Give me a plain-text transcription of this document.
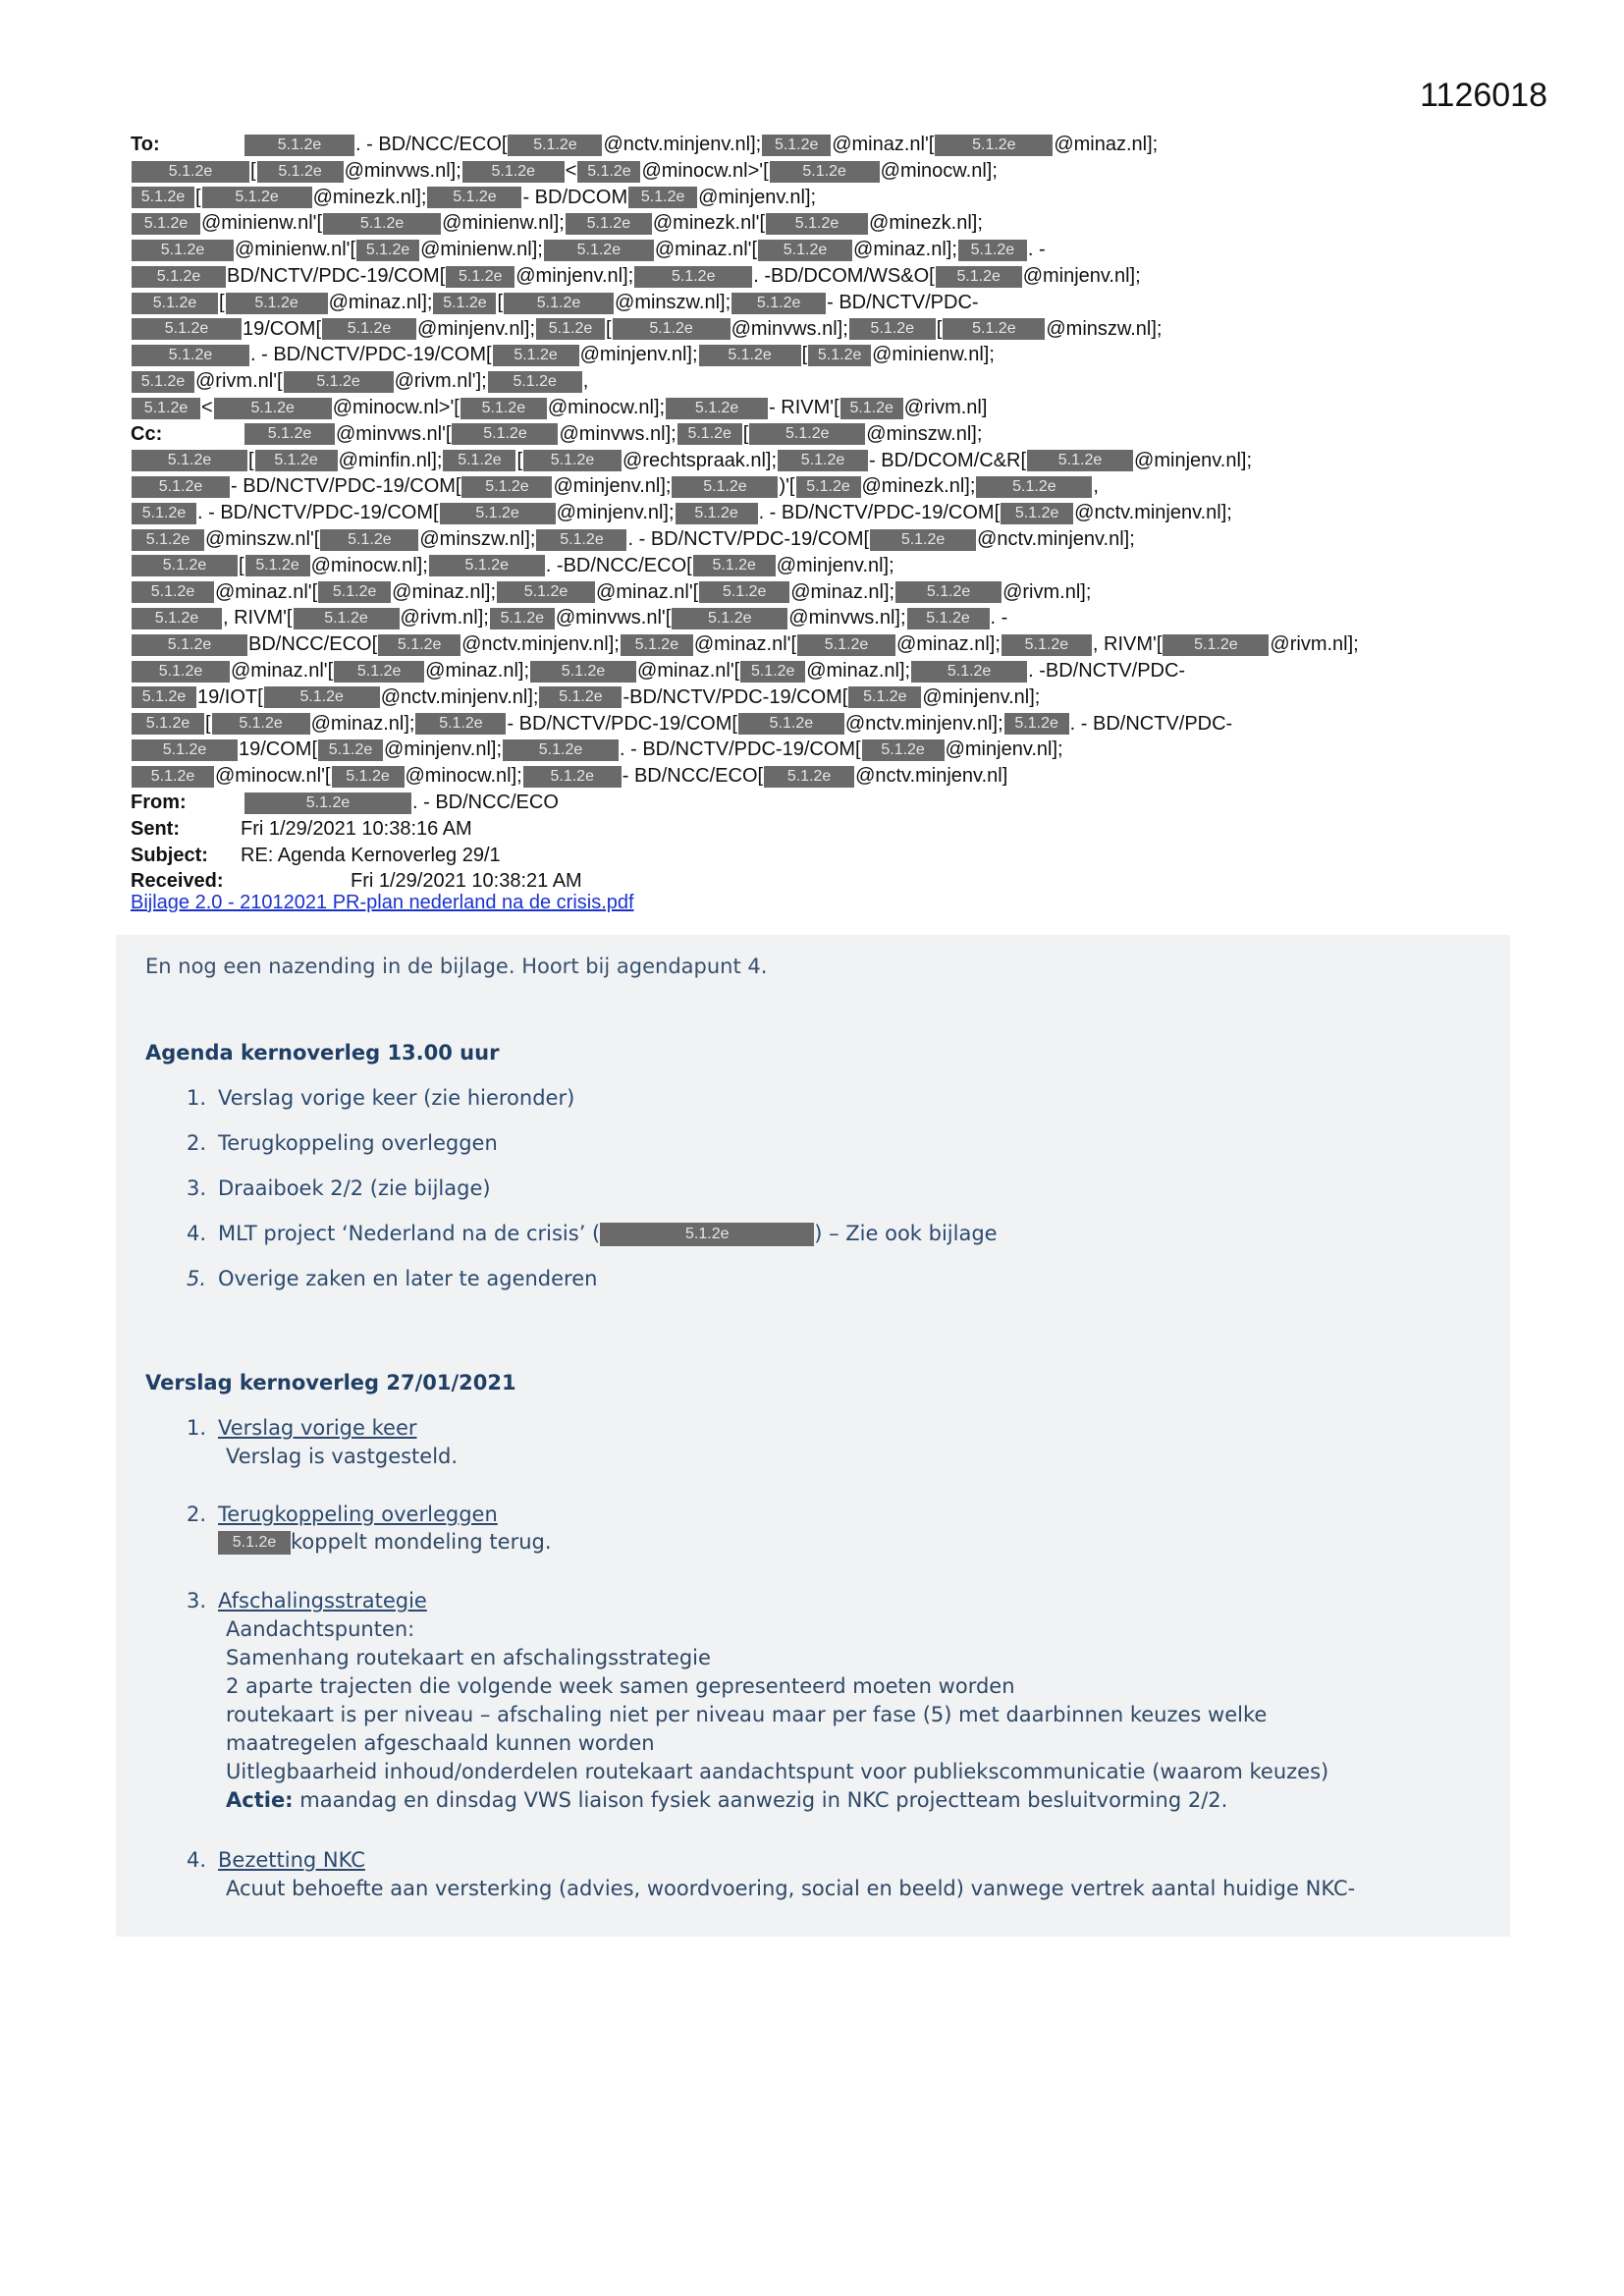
1126018
To:	5.1.2e . - BD/NCC/ECO[ 5.1.2e @nctv.minjenv.nl]; 5.1.2e @minaz.nl'[ 5.1.2e @minaz.nl];
5.1.2e [ 5.1.2e @minvws.nl]; 5.1.2e < 5.1.2e @minocw.nl>'[ 5.1.2e @minocw.nl];
5.1.2e [ 5.1.2e @minezk.nl]; 5.1.2e - BD/DCOM 5.1.2e @minjenv.nl];
5.1.2e @minienw.nl'[ 5.1.2e @minienw.nl]; 5.1.2e @minezk.nl'[ 5.1.2e @minezk.nl];
5.1.2e @minienw.nl'[ 5.1.2e @minienw.nl]; 5.1.2e @minaz.nl'[ 5.1.2e @minaz.nl]; 5.1.2e . -
5.1.2e BD/NCTV/PDC-19/COM[ 5.1.2e @minjenv.nl]; 5.1.2e . -BD/DCOM/WS&O[ 5.1.2e @minjenv.nl];
5.1.2e [ 5.1.2e @minaz.nl]; 5.1.2e [ 5.1.2e @minszw.nl]; 5.1.2e - BD/NCTV/PDC-
5.1.2e 19/COM[ 5.1.2e @minjenv.nl]; 5.1.2e [ 5.1.2e @minvws.nl]; 5.1.2e [ 5.1.2e @minszw.nl];
5.1.2e . - BD/NCTV/PDC-19/COM[ 5.1.2e @minjenv.nl]; 5.1.2e [ 5.1.2e @minienw.nl];
5.1.2e @rivm.nl'[ 5.1.2e @rivm.nl']; 5.1.2e ,
5.1.2e < 5.1.2e @minocw.nl>'[ 5.1.2e @minocw.nl]; 5.1.2e - RIVM'[ 5.1.2e @rivm.nl]
Cc:	5.1.2e @minvws.nl'[ 5.1.2e @minvws.nl]; 5.1.2e [ 5.1.2e @minszw.nl];
5.1.2e [ 5.1.2e @minfin.nl]; 5.1.2e [ 5.1.2e @rechtspraak.nl]; 5.1.2e - BD/DCOM/C&R[ 5.1.2e @minjenv.nl];
5.1.2e - BD/NCTV/PDC-19/COM[ 5.1.2e @minjenv.nl]; 5.1.2e )'[ 5.1.2e @minezk.nl]; 5.1.2e ,
5.1.2e . - BD/NCTV/PDC-19/COM[ 5.1.2e @minjenv.nl]; 5.1.2e . - BD/NCTV/PDC-19/COM[ 5.1.2e @nctv.minjenv.nl];
5.1.2e @minszw.nl'[ 5.1.2e @minszw.nl]; 5.1.2e . - BD/NCTV/PDC-19/COM[ 5.1.2e @nctv.minjenv.nl];
5.1.2e [ 5.1.2e @minocw.nl]; 5.1.2e . -BD/NCC/ECO[ 5.1.2e @minjenv.nl];
5.1.2e @minaz.nl'[ 5.1.2e @minaz.nl]; 5.1.2e @minaz.nl'[ 5.1.2e @minaz.nl]; 5.1.2e @rivm.nl];
5.1.2e , RIVM'[ 5.1.2e @rivm.nl]; 5.1.2e @minvws.nl'[ 5.1.2e @minvws.nl]; 5.1.2e . -
5.1.2e BD/NCC/ECO[ 5.1.2e @nctv.minjenv.nl]; 5.1.2e @minaz.nl'[ 5.1.2e @minaz.nl]; 5.1.2e , RIVM'[ 5.1.2e @rivm.nl];
5.1.2e @minaz.nl'[ 5.1.2e @minaz.nl]; 5.1.2e @minaz.nl'[ 5.1.2e @minaz.nl]; 5.1.2e . -BD/NCTV/PDC-
5.1.2e 19/IOT[ 5.1.2e @nctv.minjenv.nl]; 5.1.2e -BD/NCTV/PDC-19/COM[ 5.1.2e @minjenv.nl];
5.1.2e [ 5.1.2e @minaz.nl]; 5.1.2e - BD/NCTV/PDC-19/COM[ 5.1.2e @nctv.minjenv.nl]; 5.1.2e . - BD/NCTV/PDC-
5.1.2e 19/COM[ 5.1.2e @minjenv.nl]; 5.1.2e . - BD/NCTV/PDC-19/COM[ 5.1.2e @minjenv.nl];
5.1.2e @minocw.nl'[ 5.1.2e @minocw.nl]; 5.1.2e - BD/NCC/ECO[ 5.1.2e @nctv.minjenv.nl]
From:	5.1.2e	. - BD/NCC/ECO
Sent:	Fri 1/29/2021 10:38:16 AM
Subject: RE: Agenda Kernoverleg 29/1
Received:	Fri 1/29/2021 10:38:21 AM
Bijlage 2.0 - 21012021 PR-plan nederland na de crisis.pdf
En nog een nazending in de bijlage. Hoort bij agendapunt 4.
Agenda kernoverleg 13.00 uur
1. Verslag vorige keer (zie hieronder)
2. Terugkoppeling overleggen
3. Draaiboek 2/2 (zie bijlage)
4. MLT project ‘Nederland na de crisis’ (	5.1.2e	) – Zie ook bijlage
5. Overige zaken en later te agenderen
Verslag kernoverleg 27/01/2021
1. Verslag vorige keer
Verslag is vastgesteld.
2. Terugkoppeling overleggen
5.1.2e koppelt mondeling terug.
3. Afschalingsstrategie
Aandachtspunten:
Samenhang routekaart en afschalingsstrategie
2 aparte trajecten die volgende week samen gepresenteerd moeten worden
routekaart is per niveau – afschaling niet per niveau maar per fase (5) met daarbinnen keuzes welke
maatregelen afgeschaald kunnen worden
Uitlegbaarheid inhoud/onderdelen routekaart aandachtspunt voor publiekscommunicatie (waarom keuzes)
Actie: maandag en dinsdag VWS liaison fysiek aanwezig in NKC projectteam besluitvorming 2/2.
4. Bezetting NKC
Acuut behoefte aan versterking (advies, woordvoering, social en beeld) vanwege vertrek aantal huidige NKC-
